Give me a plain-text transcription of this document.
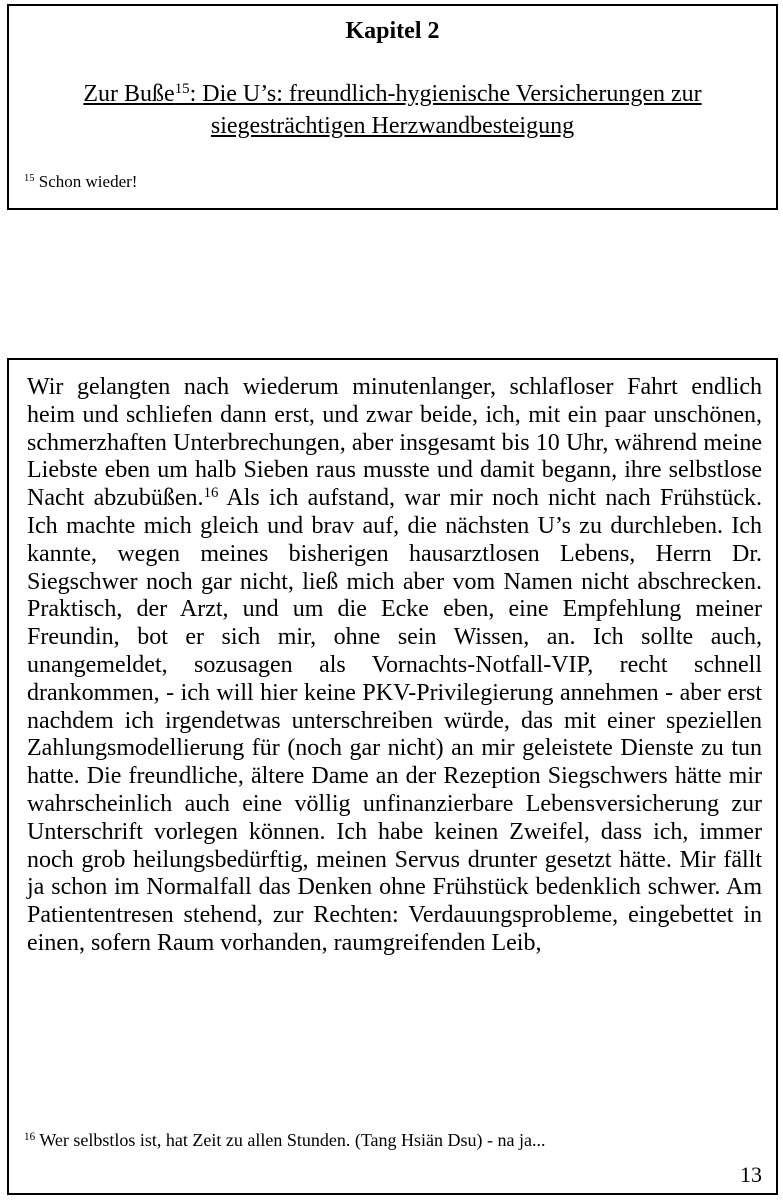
Kapitel 2
Zur Buße$^{15}$: Die U’s: freundlich-hygienische Versicherungen zur siegesträchtigen Herzwandbesteigung
$^{15}$ Schon wieder!
Wir gelangten nach wiederum minutenlanger, schlafloser Fahrt endlich heim und schliefen dann erst, und zwar beide, ich, mit ein paar unschönen, schmerzhaften Unterbrechungen, aber insgesamt bis 10 Uhr, während meine Liebste eben um halb Sieben raus musste und damit begann, ihre selbstlose Nacht abzubüßen.$^{16}$ Als ich aufstand, war mir noch nicht nach Frühstück. Ich machte mich gleich und brav auf, die nächsten U’s zu durchleben. Ich kannte, wegen meines bisherigen hausarztlosen Lebens, Herrn Dr. Siegschwer noch gar nicht, ließ mich aber vom Namen nicht abschrecken. Praktisch, der Arzt, und um die Ecke eben, eine Empfehlung meiner Freundin, bot er sich mir, ohne sein Wissen, an. Ich sollte auch, unangemeldet, sozusagen als Vornachts-Notfall-VIP, recht schnell drankommen, - ich will hier keine PKV-Privilegierung annehmen - aber erst nachdem ich irgendetwas unterschreiben würde, das mit einer speziellen Zahlungsmodellierung für (noch gar nicht) an mir geleistete Dienste zu tun hatte. Die freundliche, ältere Dame an der Rezeption Siegschwers hätte mir wahrscheinlich auch eine völlig unfinanzierbare Lebensversicherung zur Unterschrift vorlegen können. Ich habe keinen Zweifel, dass ich, immer noch grob heilungsbedürftig, meinen Servus drunter gesetzt hätte. Mir fällt ja schon im Normalfall das Denken ohne Frühstück bedenklich schwer. Am Patiententresen stehend, zur Rechten: Verdauungsprobleme, eingebettet in einen, sofern Raum vorhanden, raumgreifenden Leib,
$^{16}$ Wer selbstlos ist, hat Zeit zu allen Stunden. (Tang Hsiän Dsu) - na ja...
13
